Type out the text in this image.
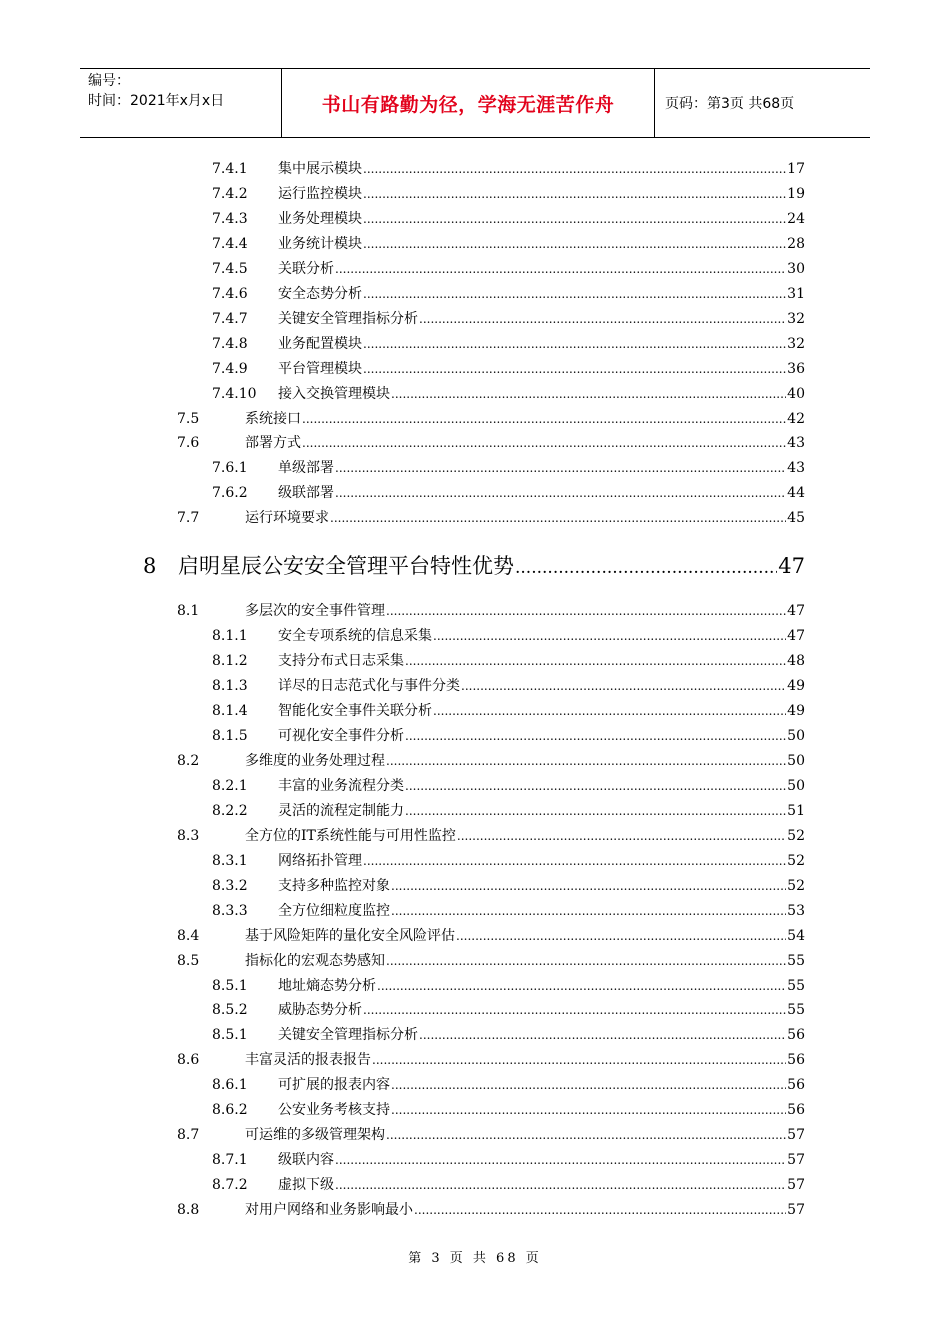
编号：
时间：2021年x月x日	书山有路勤为径，学海无涯苦作舟	页码：第3页 共68页
7.4.1 集中展示模块 .....	17
7.4.2 运行监控模块 .....	19
7.4.3 业务处理模块 .....	24
7.4.4 业务统计模块 .....	28
7.4.5 关联分析 .....	30
7.4.6 安全态势分析 .....	31
7.4.7 关键安全管理指标分析 .....	32
7.4.8 业务配置模块 .....	32
7.4.9 平台管理模块 .....	36
7.4.10 接入交换管理模块 .....	40
7.5	系统接口 .....	42
7.6	部署方式 .....	43
7.6.1 单级部署 .....	43
7.6.2 级联部署 .....	44
7.7	运行环境要求 .....	45
8 启明星辰公安安全管理平台特性优势 .....	47
8.1	多层次的安全事件管理 .....	47
8.1.1 安全专项系统的信息采集 .....	47
8.1.2 支持分布式日志采集 .....	48
8.1.3 详尽的日志范式化与事件分类 .....	49
8.1.4 智能化安全事件关联分析 .....	49
8.1.5 可视化安全事件分析 .....	50
8.2	多维度的业务处理过程 .....	50
8.2.1 丰富的业务流程分类 .....	50
8.2.2 灵活的流程定制能力 .....	51
8.3	全方位的IT系统性能与可用性监控 .....	52
8.3.1 网络拓扑管理 .....	52
8.3.2 支持多种监控对象 .....	52
8.3.3 全方位细粒度监控 .....	53
8.4	基于风险矩阵的量化安全风险评估 .....	54
8.5	指标化的宏观态势感知 .....	55
8.5.1 地址熵态势分析 .....	55
8.5.2 威胁态势分析 .....	55
8.5.1 关键安全管理指标分析 .....	56
8.6	丰富灵活的报表报告 .....	56
8.6.1 可扩展的报表内容 .....	56
8.6.2 公安业务考核支持 .....	56
8.7	可运维的多级管理架构 .....	57
8.7.1 级联内容 .....	57
8.7.2 虚拟下级 .....	57
8.8	对用户网络和业务影响最小 .....	57
第 3 页 共 68 页
